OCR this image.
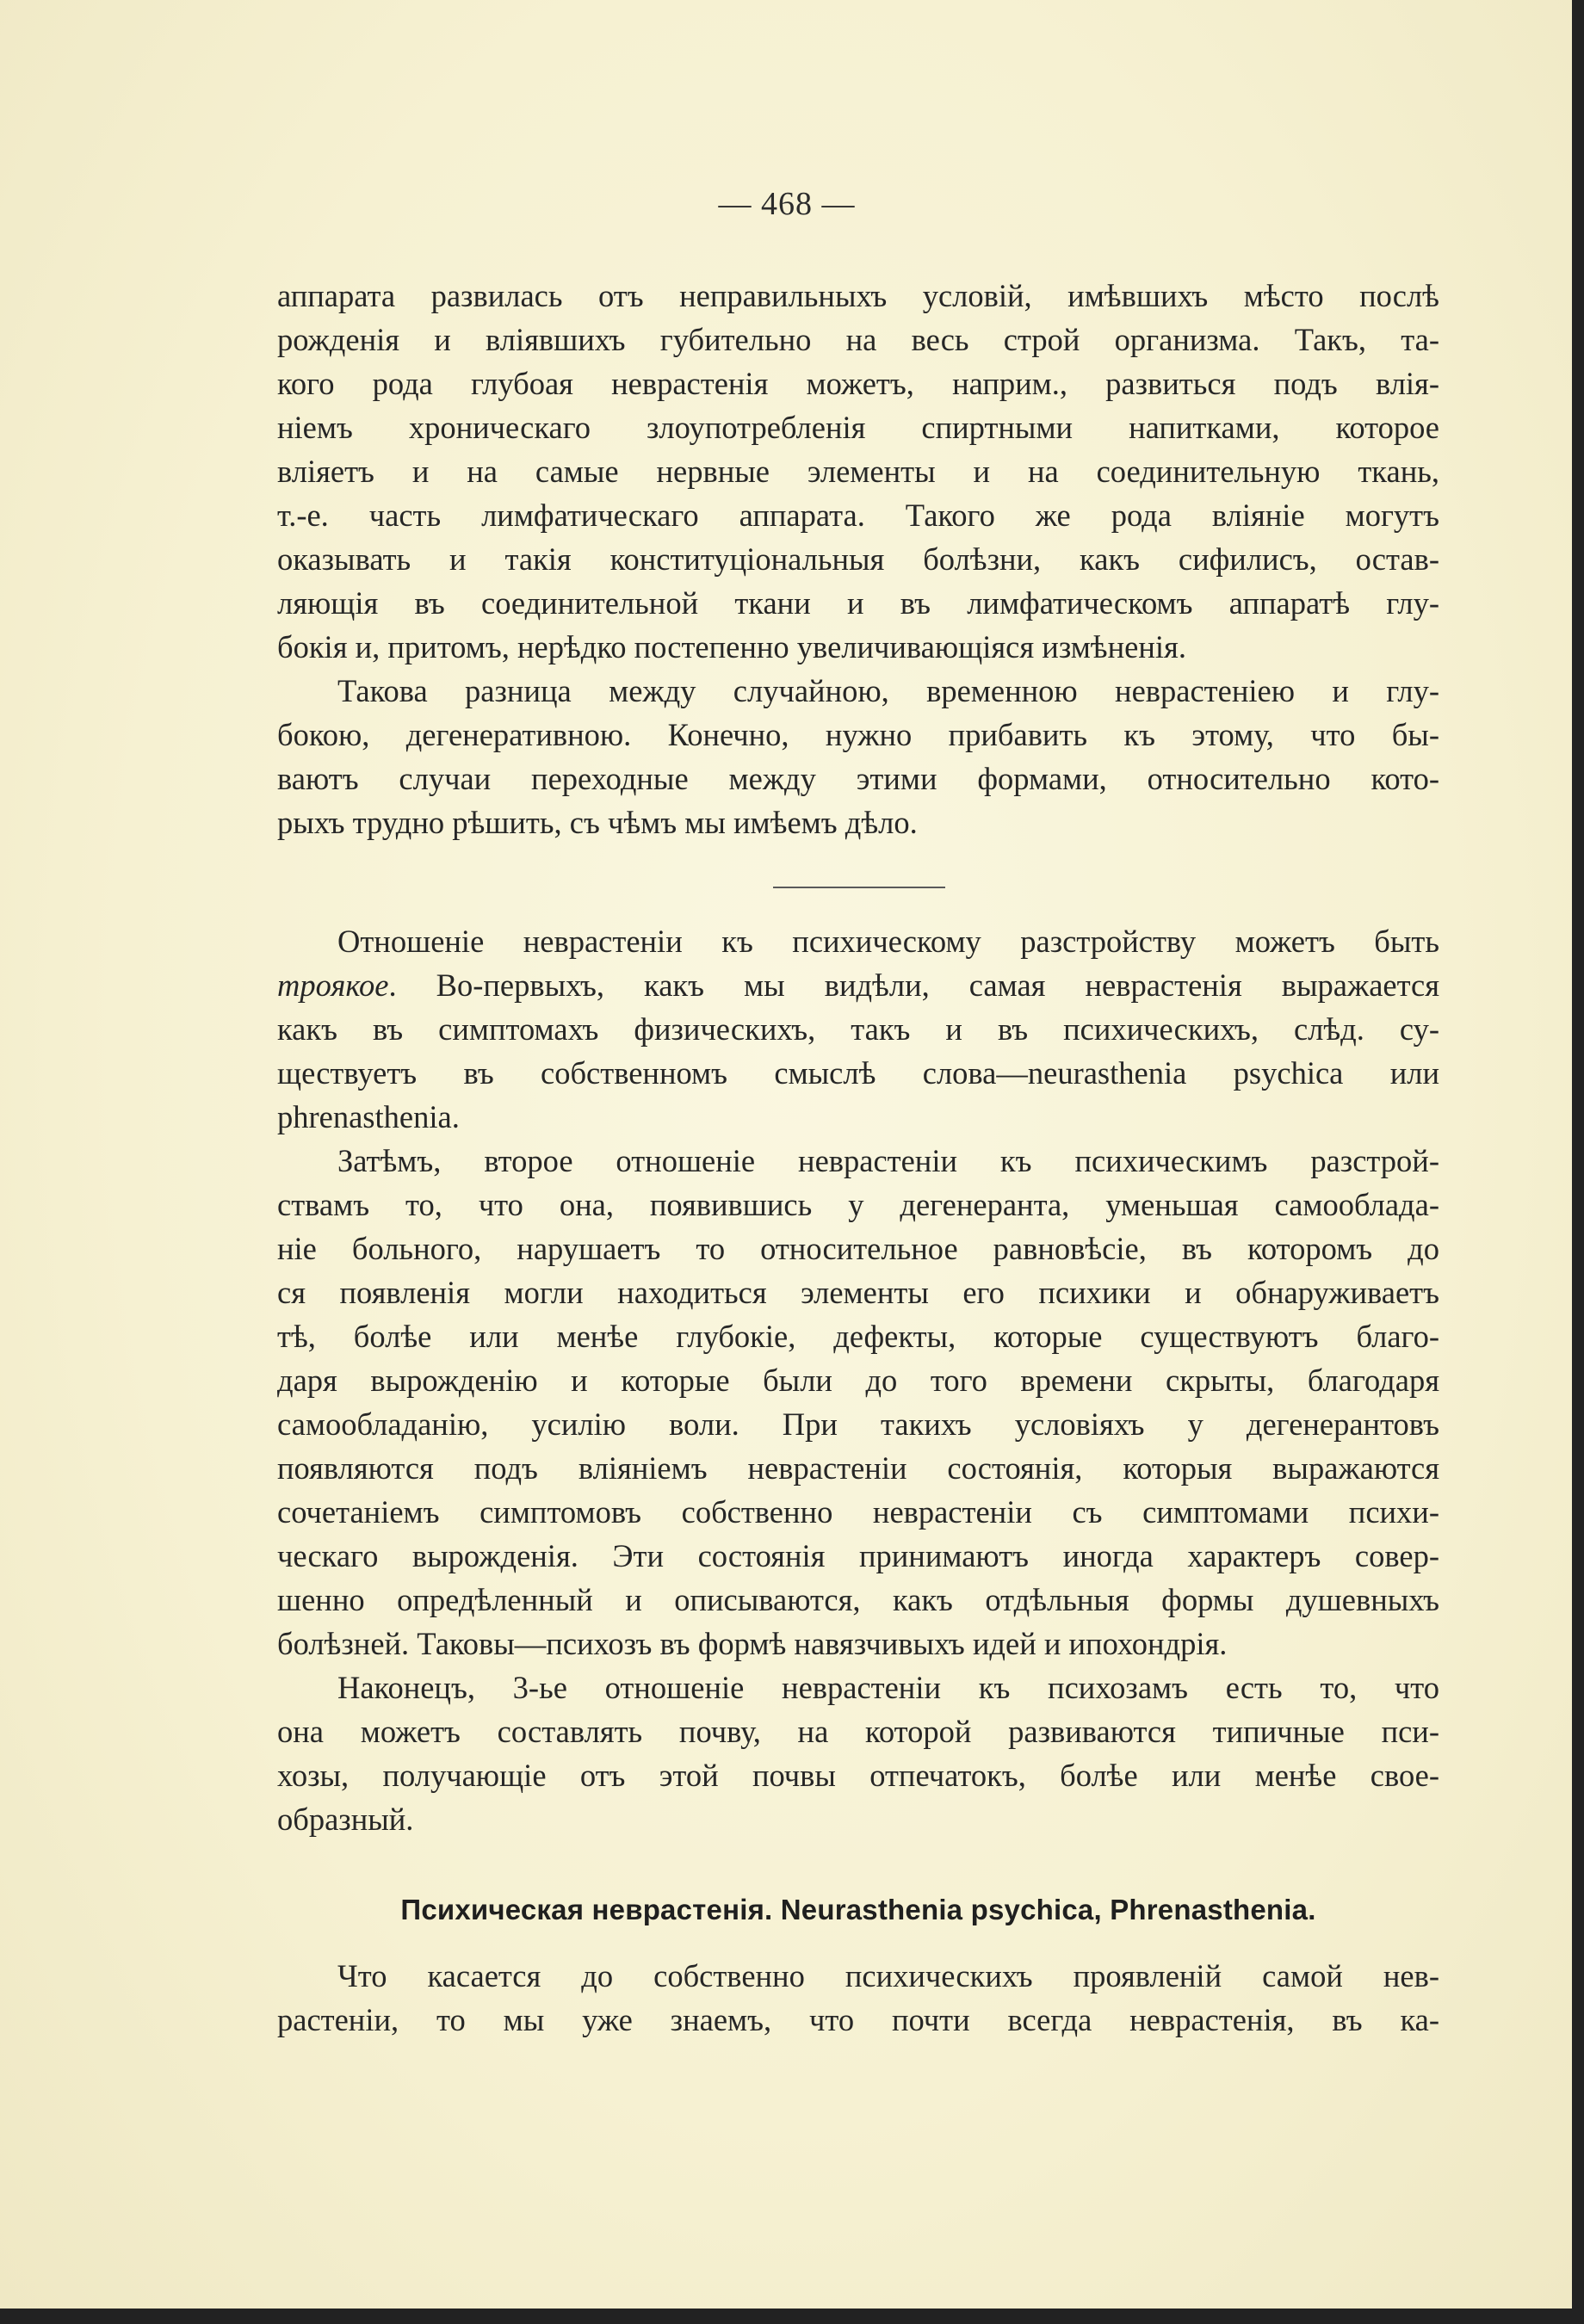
— 468 —

аппарата развилась отъ неправильныхъ условій, имѣвшихъ мѣсто послѣ
рожденія и вліявшихъ губительно на весь строй организма. Такъ, та-
кого рода глубоая неврастенія можетъ, наприм., развиться подъ влія-
ніемъ хроническаго злоупотребленія спиртными напитками, которое
вліяетъ и на самые нервные элементы и на соединительную ткань,
т.-е. часть лимфатическаго аппарата. Такого же рода вліяніе могутъ
оказывать и такія конституціональныя болѣзни, какъ сифилисъ, остав-
ляющія въ соединительной ткани и въ лимфатическомъ аппаратѣ глу-
бокія и, притомъ, нерѣдко постепенно увеличивающіяся измѣненія.

Такова разница между случайною, временною неврастеніею и глу-
бокою, дегенеративною. Конечно, нужно прибавить къ этому, что бы-
ваютъ случаи переходные между этими формами, относительно кото-
рыхъ трудно рѣшить, съ чѣмъ мы имѣемъ дѣло.

Отношеніе неврастеніи къ психическому разстройству можетъ быть
троякое. Во-первыхъ, какъ мы видѣли, самая неврастенія выражается
какъ въ симптомахъ физическихъ, такъ и въ психическихъ, слѣд. су-
ществуетъ въ собственномъ смыслѣ слова—neurasthenia psychica или
phrenasthenia.

Затѣмъ, второе отношеніе неврастеніи къ психическимъ разстрой-
ствамъ то, что она, появившись у дегенеранта, уменьшая самооблада-
ніе больного, нарушаетъ то относительное равновѣсіе, въ которомъ до
ся появленія могли находиться элементы его психики и обнаруживаетъ
тѣ, болѣе или менѣе глубокіе, дефекты, которые существуютъ благо-
даря вырожденію и которые были до того времени скрыты, благодаря
самообладанію, усилію воли. При такихъ условіяхъ у дегенерантовъ
появляются подъ вліяніемъ неврастеніи состоянія, которыя выражаются
сочетаніемъ симптомовъ собственно неврастеніи съ симптомами психи-
ческаго вырожденія. Эти состоянія принимаютъ иногда характеръ совер-
шенно опредѣленный и описываются, какъ отдѣльныя формы душевныхъ
болѣзней. Таковы—психозъ въ формѣ навязчивыхъ идей и ипохондрія.

Наконецъ, 3-ье отношеніе неврастеніи къ психозамъ есть то, что
она можетъ составлять почву, на которой развиваются типичные пси-
хозы, получающіе отъ этой почвы отпечатокъ, болѣе или менѣе свое-
образный.

Психическая неврастенія. Neurasthenia psychica, Phrenasthenia.

Что касается до собственно психическихъ проявленій самой нев-
растеніи, то мы уже знаемъ, что почти всегда неврастенія, въ ка-
